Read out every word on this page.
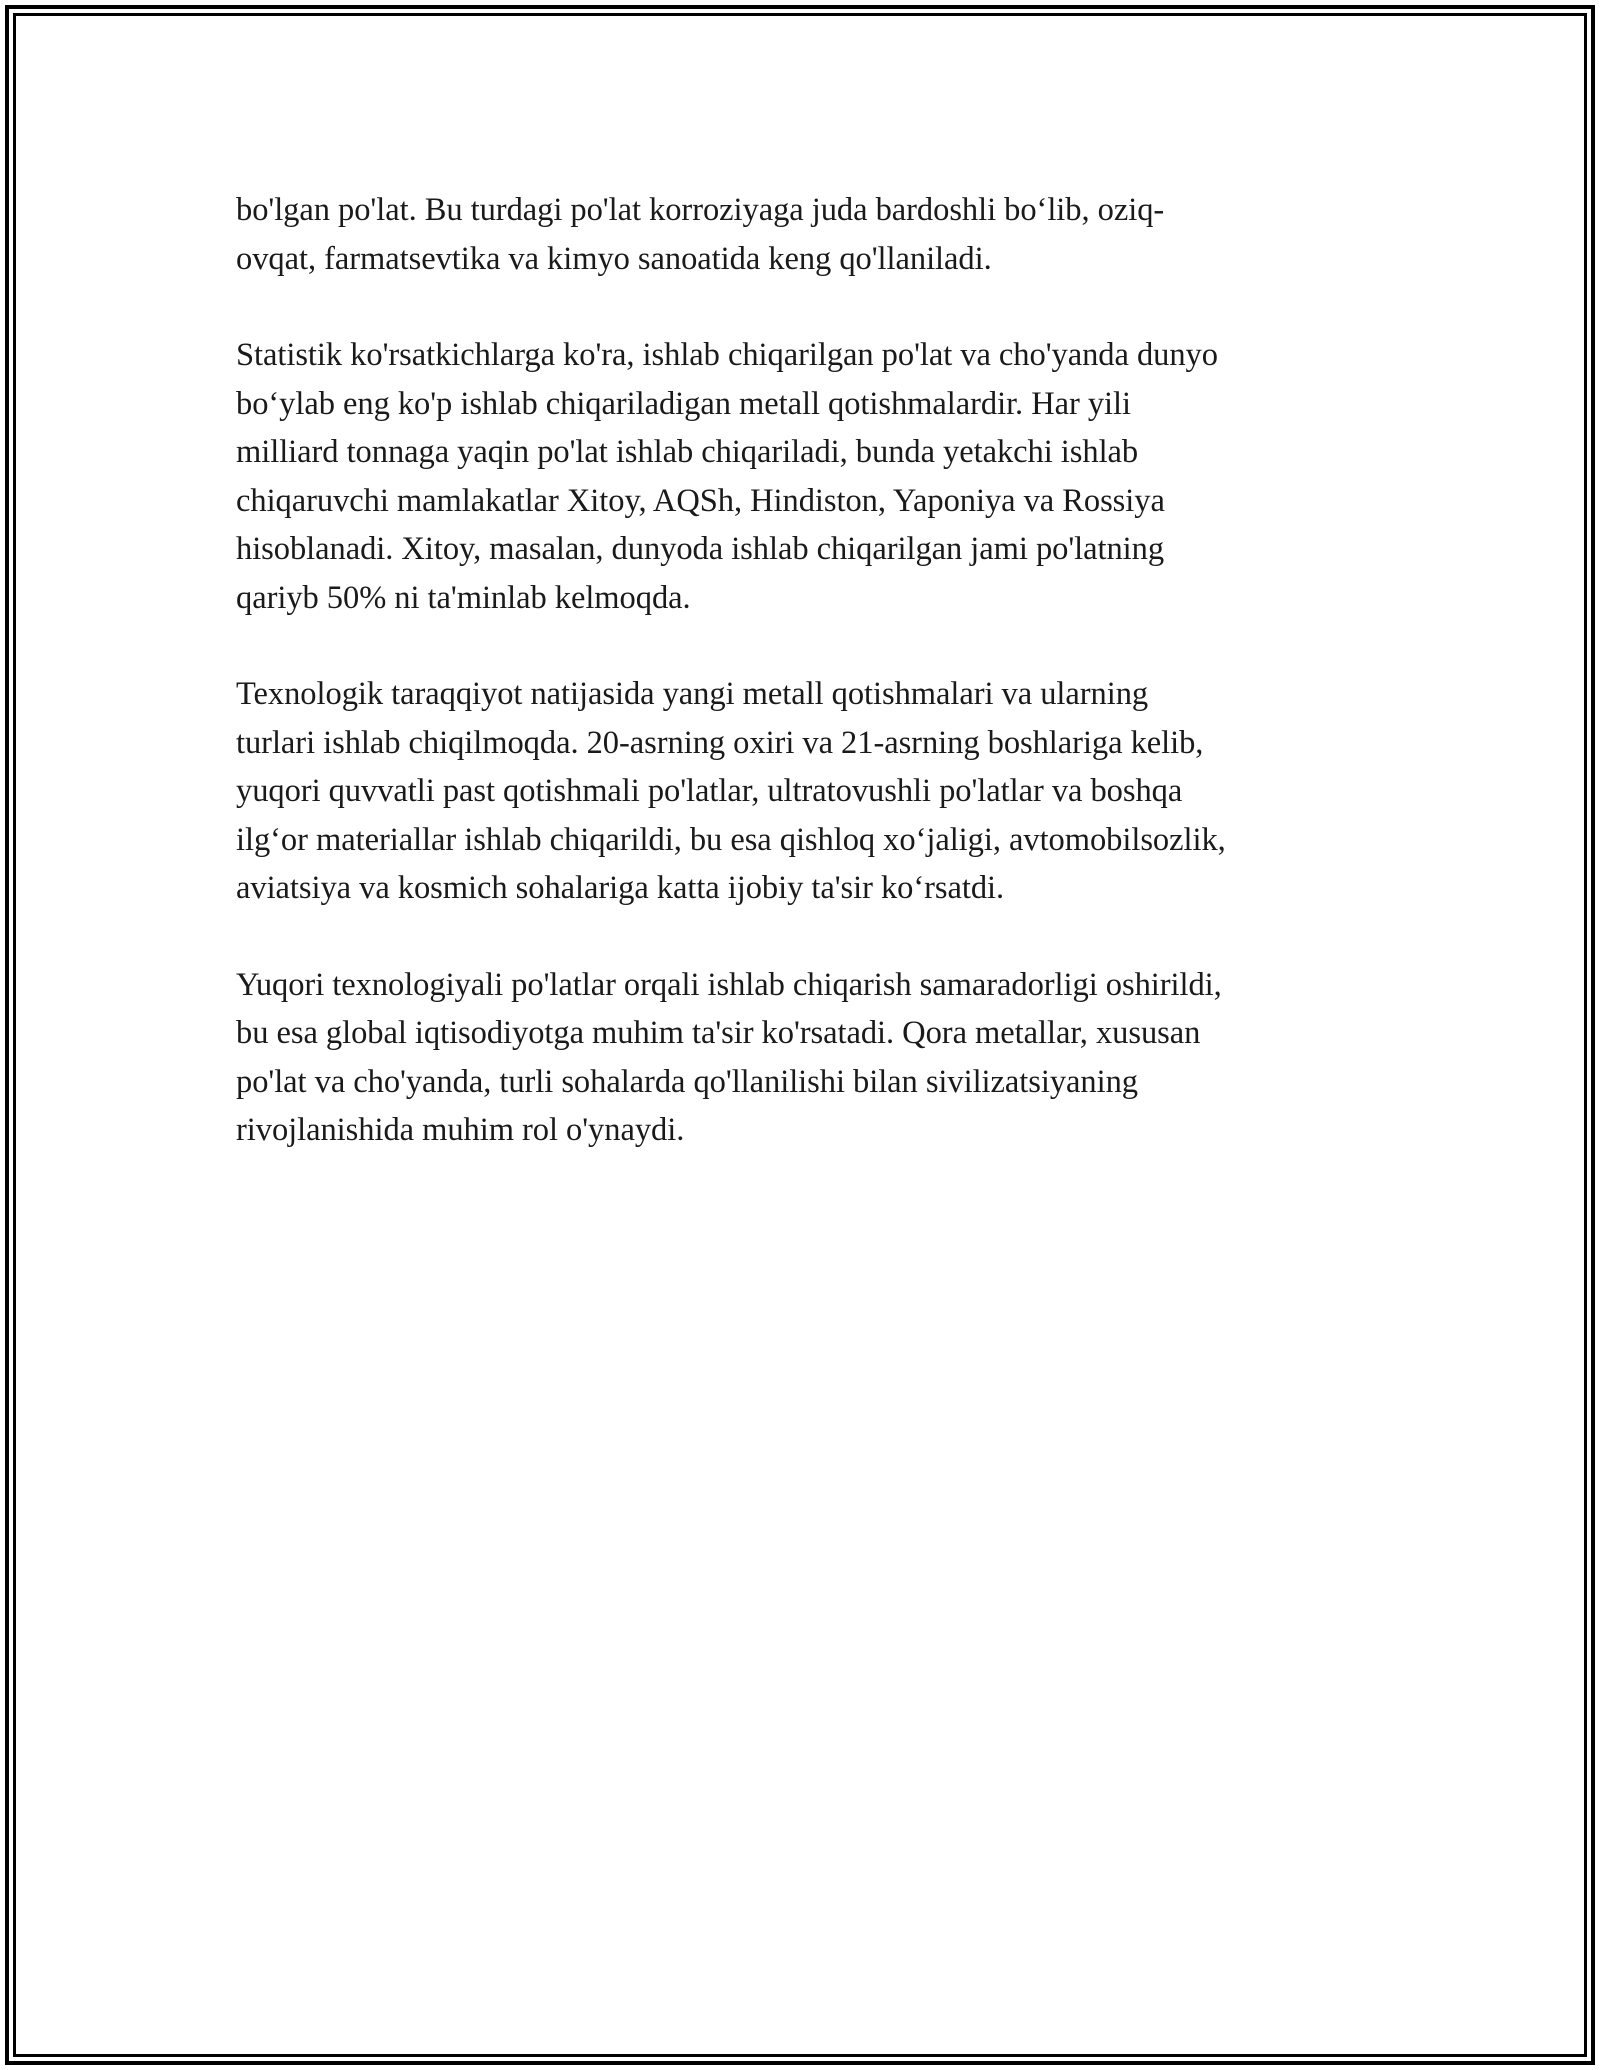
bo'lgan po'lat. Bu turdagi po'lat korroziyaga juda bardoshli bo‘lib, oziq-
ovqat, farmatsevtika va kimyo sanoatida keng qo'llaniladi.

Statistik ko'rsatkichlarga ko'ra, ishlab chiqarilgan po'lat va cho'yanda dunyo
bo‘ylab eng ko'p ishlab chiqariladigan metall qotishmalardir. Har yili
milliard tonnaga yaqin po'lat ishlab chiqariladi, bunda yetakchi ishlab
chiqaruvchi mamlakatlar Xitoy, AQSh, Hindiston, Yaponiya va Rossiya
hisoblanadi. Xitoy, masalan, dunyoda ishlab chiqarilgan jami po'latning
qariyb 50% ni ta'minlab kelmoqda.

Texnologik taraqqiyot natijasida yangi metall qotishmalari va ularning
turlari ishlab chiqilmoqda. 20-asrning oxiri va 21-asrning boshlariga kelib,
yuqori quvvatli past qotishmali po'latlar, ultratovushli po'latlar va boshqa
ilg‘or materiallar ishlab chiqarildi, bu esa qishloq xo‘jaligi, avtomobilsozlik,
aviatsiya va kosmich sohalariga katta ijobiy ta'sir ko‘rsatdi.

Yuqori texnologiyali po'latlar orqali ishlab chiqarish samaradorligi oshirildi,
bu esa global iqtisodiyotga muhim ta'sir ko'rsatadi. Qora metallar, xususan
po'lat va cho'yanda, turli sohalarda qo'llanilishi bilan sivilizatsiyaning
rivojlanishida muhim rol o'ynaydi.
